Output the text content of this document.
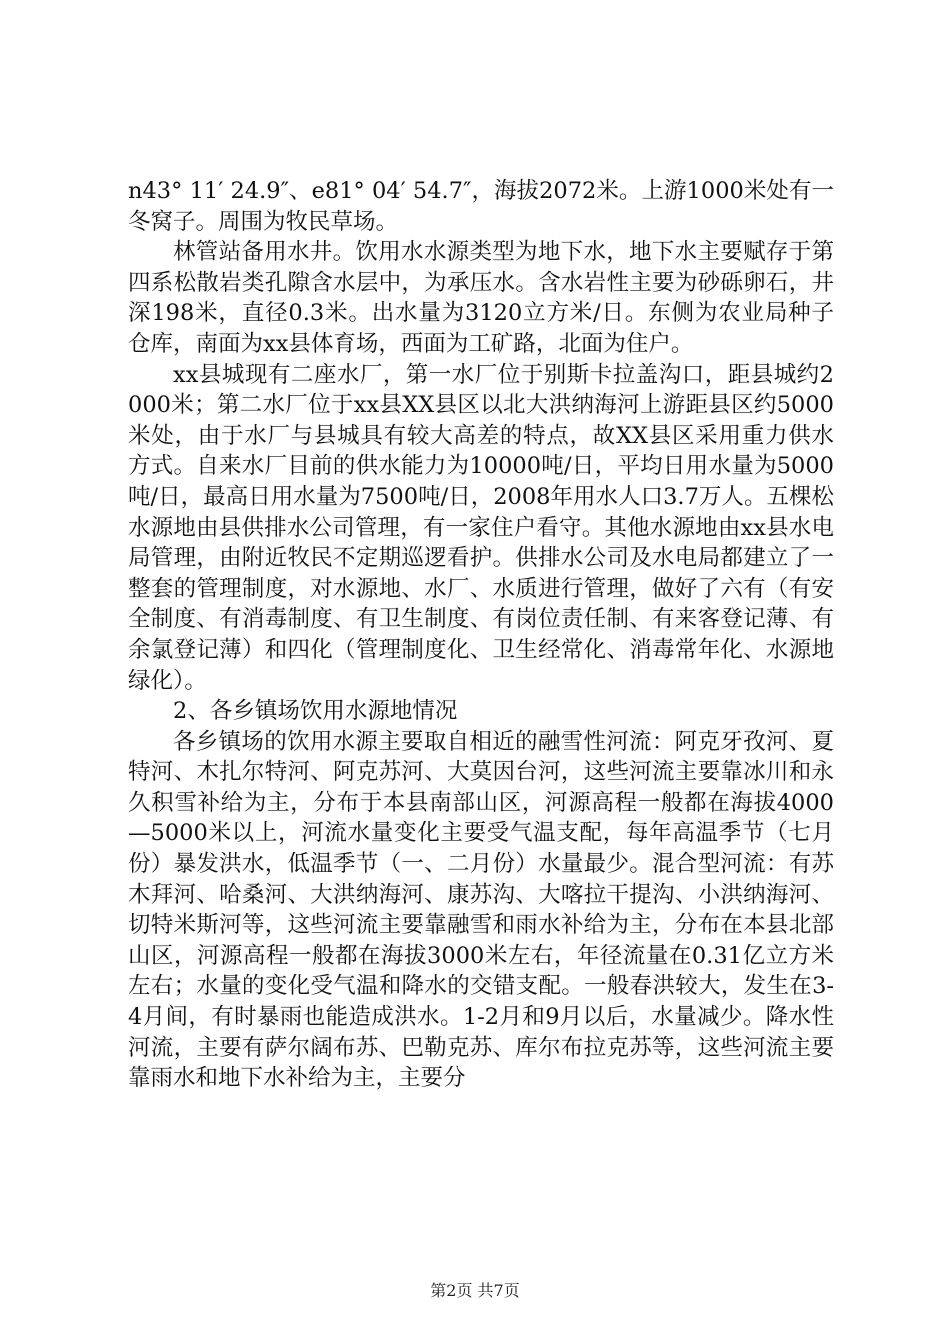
n43° 11′ 24.9″、e81° 04′ 54.7″，海拔2072米。上游1000米处有一冬窝子。周围为牧民草场。

林管站备用水井。饮用水水源类型为地下水，地下水主要赋存于第四系松散岩类孔隙含水层中，为承压水。含水岩性主要为砂砾卵石，井深198米，直径0.3米。出水量为3120立方米/日。东侧为农业局种子仓库，南面为xx县体育场，西面为工矿路，北面为住户。

xx县城现有二座水厂，第一水厂位于别斯卡拉盖沟口，距县城约2000米；第二水厂位于xx县XX县区以北大洪纳海河上游距县区约5000米处，由于水厂与县城具有较大高差的特点，故XX县区采用重力供水方式。自来水厂目前的供水能力为10000吨/日，平均日用水量为5000吨/日，最高日用水量为7500吨/日，2008年用水人口3.7万人。五棵松水源地由县供排水公司管理，有一家住户看守。其他水源地由xx县水电局管理，由附近牧民不定期巡逻看护。供排水公司及水电局都建立了一整套的管理制度，对水源地、水厂、水质进行管理，做好了六有（有安全制度、有消毒制度、有卫生制度、有岗位责任制、有来客登记薄、有余氯登记薄）和四化（管理制度化、卫生经常化、消毒常年化、水源地绿化）。

2、各乡镇场饮用水源地情况

各乡镇场的饮用水源主要取自相近的融雪性河流：阿克牙孜河、夏特河、木扎尔特河、阿克苏河、大莫因台河，这些河流主要靠冰川和永久积雪补给为主，分布于本县南部山区，河源高程一般都在海拔4000—5000米以上，河流水量变化主要受气温支配，每年高温季节（七月份）暴发洪水，低温季节（一、二月份）水量最少。混合型河流：有苏木拜河、哈桑河、大洪纳海河、康苏沟、大喀拉干提沟、小洪纳海河、切特米斯河等，这些河流主要靠融雪和雨水补给为主，分布在本县北部山区，河源高程一般都在海拔3000米左右，年径流量在0.31亿立方米左右；水量的变化受气温和降水的交错支配。一般春洪较大，发生在3-4月间，有时暴雨也能造成洪水。1-2月和9月以后，水量减少。降水性河流，主要有萨尔阔布苏、巴勒克苏、库尔布拉克苏等，这些河流主要靠雨水和地下水补给为主，主要分

第2页 共7页
